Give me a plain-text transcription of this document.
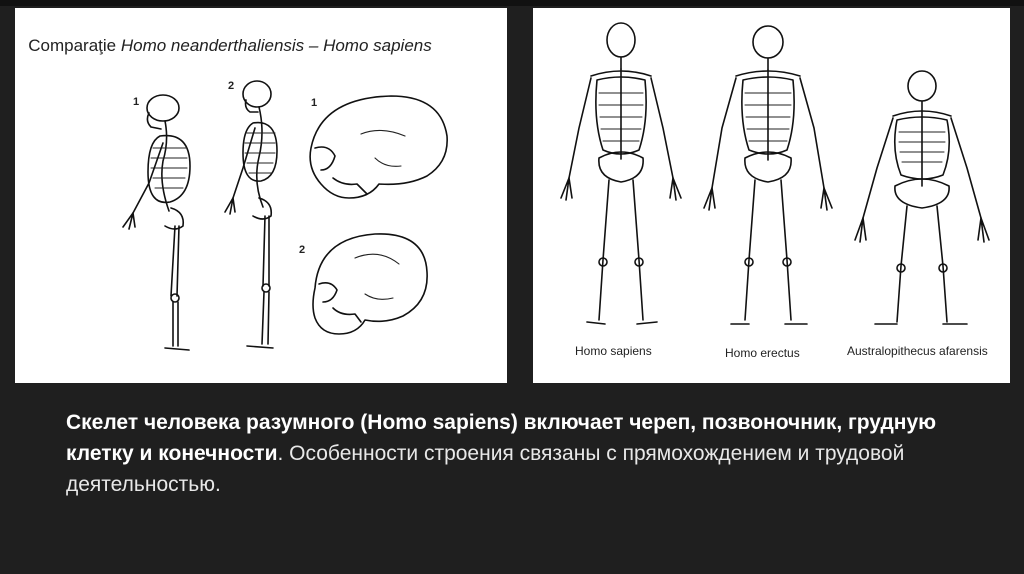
Comparaţie Homo neanderthaliensis – Homo sapiens
1
2
1
2
Homo sapiens	Homo erectus	Australopithecus afarensis
Скелет человека разумного (Homo sapiens) включает череп, позвоночник, грудную клетку и конечности. Особенности строения связаны с прямохождением и трудовой деятельностью.
